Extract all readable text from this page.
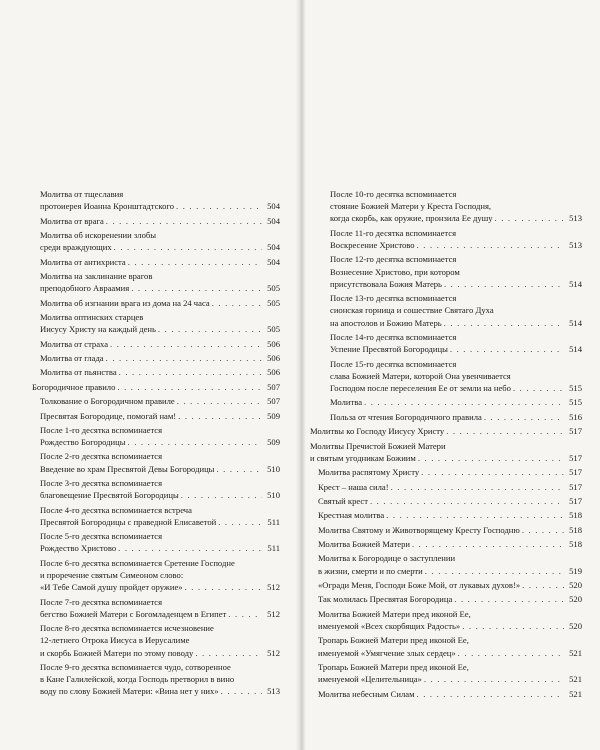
Молитва от тщеславия
протоиерея Иоанна Кронштадтского . . .	504
Молитва от врага . . .	504
Молитва об искоренении злобы
среди враждующих . . .	504
Молитва от антихриста . . .	504
Молитва на заклинание врагов
преподобного Авраамия . . .	505
Молитва об изгнании врага из дома на 24 часа . . .	505
Молитва оптинских старцев
Иисусу Христу на каждый день . . .	505
Молитва от страха . . .	506
Молитва от глада . . .	506
Молитва от пьянства . . .	506
Богородичное правило . . .	507
Толкование о Богородичном правиле . . .	507
Пресвятая Богородице, помогай нам! . . .	509
После 1-го десятка вспоминается
Рождество Богородицы . . .	509
После 2-го десятка вспоминается
Введение во храм Пресвятой Девы Богородицы . . .	510
После 3-го десятка вспоминается
благовещение Пресвятой Богородицы . . .	510
После 4-го десятка вспоминается встреча
Пресвятой Богородицы с праведной Елисаветой . . .	511
После 5-го десятка вспоминается
Рождество Христово . . .	511
После 6-го десятка вспоминается Сретение Господне
и проречение святым Симеоном слово:
«И Тебе Самой душу пройдет оружие» . . .	512
После 7-го десятка вспоминается
бегство Божией Матери с Богомладенцем в Египет . . .	512
После 8-го десятка вспоминается исчезновение
12-летнего Отрока Иисуса в Иерусалиме
и скорбь Божией Матери по этому поводу . . .	512
После 9-го десятка вспоминается чудо, сотворенное
в Кане Галилейской, когда Господь претворил в вино
воду по слову Божией Матери: «Вина нет у них» . . .	513
После 10-го десятка вспоминается
стояние Божией Матери у Креста Господня,
когда скорбь, как оружие, пронзила Ее душу . . .	513
После 11-го десятка вспоминается
Воскресение Христово . . .	513
После 12-го десятка вспоминается
Вознесение Христово, при котором
присутствовала Божия Матерь . . .	514
После 13-го десятка вспоминается
сионская горница и сошествие Святаго Духа
на апостолов и Божию Матерь . . .	514
После 14-го десятка вспоминается
Успение Пресвятой Богородицы . . .	514
После 15-го десятка вспоминается
слава Божией Матери, которой Она увенчивается
Господом после переселения Ее от земли на небо . . .	515
Молитва . . .	515
Польза от чтения Богородичного правила . . .	516
Молитвы ко Господу Иисусу Христу . . .	517
Молитвы Пречистой Божией Матери
и святым угодникам Божиим . . .	517
Молитва распятому Христу . . .	517
Крест – наша сила! . . .	517
Святый крест . . .	517
Крестная молитва . . .	518
Молитва Святому и Животворящему Кресту Господню . . .	518
Молитва Божией Матери . . .	518
Молитва к Богородице о заступлении
в жизни, смерти и по смерти . . .	519
«Огради Меня, Господи Боже Мой, от лукавых духов!» . . .	520
Так молилась Пресвятая Богородица . . .	520
Молитва Божией Матери пред иконой Ее,
именуемой «Всех скорбящих Радость» . . .	520
Тропарь Божией Матери пред иконой Ее,
именуемой «Умягчение злых сердец» . . .	521
Тропарь Божией Матери пред иконой Ее,
именуемой «Целительница» . . .	521
Молитва небесным Силам . . .	521
